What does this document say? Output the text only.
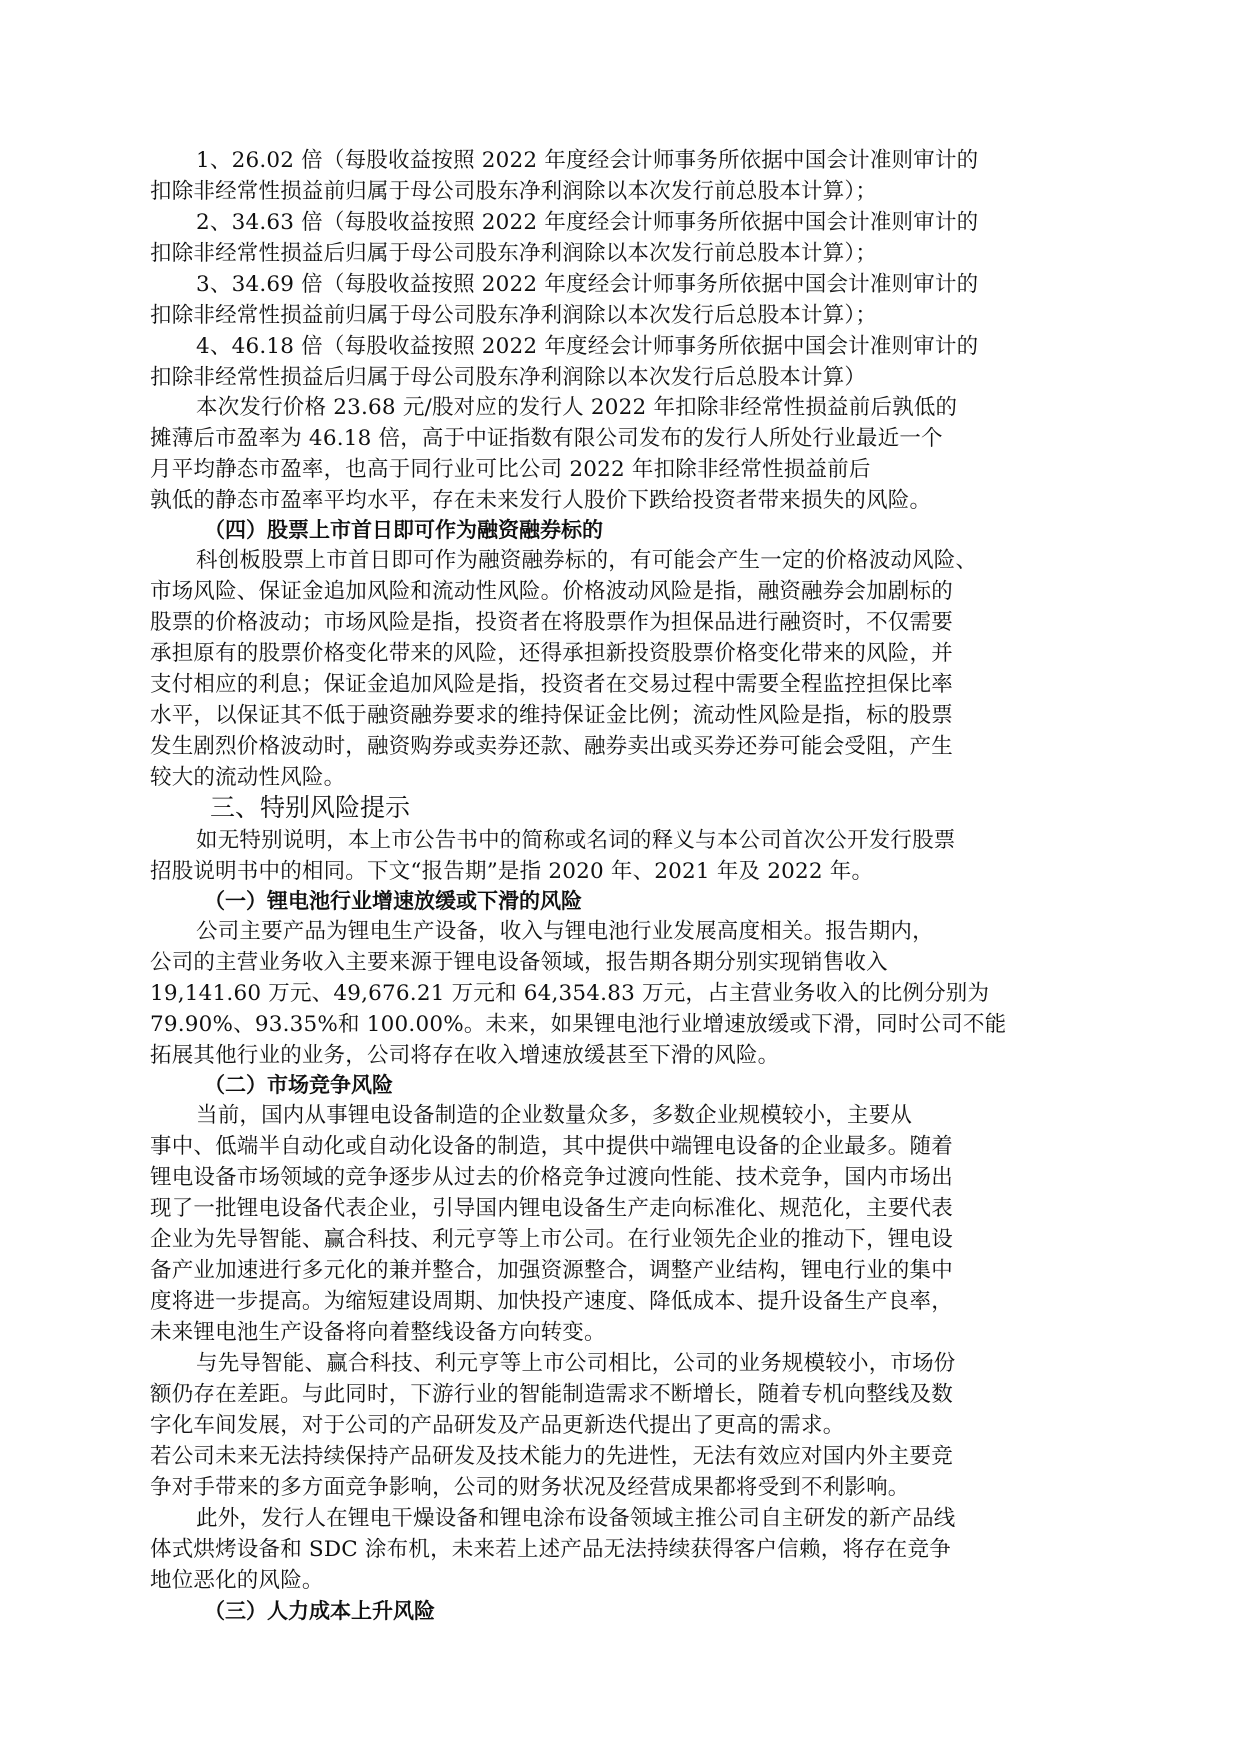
1、26.02 倍（每股收益按照 2022 年度经会计师事务所依据中国会计准则审计的
扣除非经常性损益前归属于母公司股东净利润除以本次发行前总股本计算）；
2、34.63 倍（每股收益按照 2022 年度经会计师事务所依据中国会计准则审计的
扣除非经常性损益后归属于母公司股东净利润除以本次发行前总股本计算）；
3、34.69 倍（每股收益按照 2022 年度经会计师事务所依据中国会计准则审计的
扣除非经常性损益前归属于母公司股东净利润除以本次发行后总股本计算）；
4、46.18 倍（每股收益按照 2022 年度经会计师事务所依据中国会计准则审计的
扣除非经常性损益后归属于母公司股东净利润除以本次发行后总股本计算）
本次发行价格 23.68 元/股对应的发行人 2022 年扣除非经常性损益前后孰低的
摊薄后市盈率为 46.18 倍，高于中证指数有限公司发布的发行人所处行业最近一个
月平均静态市盈率，也高于同行业可比公司 2022 年扣除非经常性损益前后
孰低的静态市盈率平均水平，存在未来发行人股价下跌给投资者带来损失的风险。
（四）股票上市首日即可作为融资融券标的
科创板股票上市首日即可作为融资融券标的，有可能会产生一定的价格波动风险、
市场风险、保证金追加风险和流动性风险。价格波动风险是指，融资融券会加剧标的
股票的价格波动；市场风险是指，投资者在将股票作为担保品进行融资时，不仅需要
承担原有的股票价格变化带来的风险，还得承担新投资股票价格变化带来的风险，并
支付相应的利息；保证金追加风险是指，投资者在交易过程中需要全程监控担保比率
水平，以保证其不低于融资融券要求的维持保证金比例；流动性风险是指，标的股票
发生剧烈价格波动时，融资购券或卖券还款、融券卖出或买券还券可能会受阻，产生
较大的流动性风险。
三、特别风险提示
如无特别说明，本上市公告书中的简称或名词的释义与本公司首次公开发行股票
招股说明书中的相同。下文“报告期”是指 2020 年、2021 年及 2022 年。
（一）锂电池行业增速放缓或下滑的风险
公司主要产品为锂电生产设备，收入与锂电池行业发展高度相关。报告期内，
公司的主营业务收入主要来源于锂电设备领域，报告期各期分别实现销售收入
19,141.60 万元、49,676.21 万元和 64,354.83 万元，占主营业务收入的比例分别为
79.90%、93.35%和 100.00%。未来，如果锂电池行业增速放缓或下滑，同时公司不能
拓展其他行业的业务，公司将存在收入增速放缓甚至下滑的风险。
（二）市场竞争风险
当前，国内从事锂电设备制造的企业数量众多，多数企业规模较小，主要从
事中、低端半自动化或自动化设备的制造，其中提供中端锂电设备的企业最多。随着
锂电设备市场领域的竞争逐步从过去的价格竞争过渡向性能、技术竞争，国内市场出
现了一批锂电设备代表企业，引导国内锂电设备生产走向标准化、规范化，主要代表
企业为先导智能、赢合科技、利元亨等上市公司。在行业领先企业的推动下，锂电设
备产业加速进行多元化的兼并整合，加强资源整合，调整产业结构，锂电行业的集中
度将进一步提高。为缩短建设周期、加快投产速度、降低成本、提升设备生产良率，
未来锂电池生产设备将向着整线设备方向转变。
与先导智能、赢合科技、利元亨等上市公司相比，公司的业务规模较小，市场份
额仍存在差距。与此同时，下游行业的智能制造需求不断增长，随着专机向整线及数
字化车间发展，对于公司的产品研发及产品更新迭代提出了更高的需求。
若公司未来无法持续保持产品研发及技术能力的先进性，无法有效应对国内外主要竞
争对手带来的多方面竞争影响，公司的财务状况及经营成果都将受到不利影响。
此外，发行人在锂电干燥设备和锂电涂布设备领域主推公司自主研发的新产品线
体式烘烤设备和 SDC 涂布机，未来若上述产品无法持续获得客户信赖，将存在竞争
地位恶化的风险。
（三）人力成本上升风险
